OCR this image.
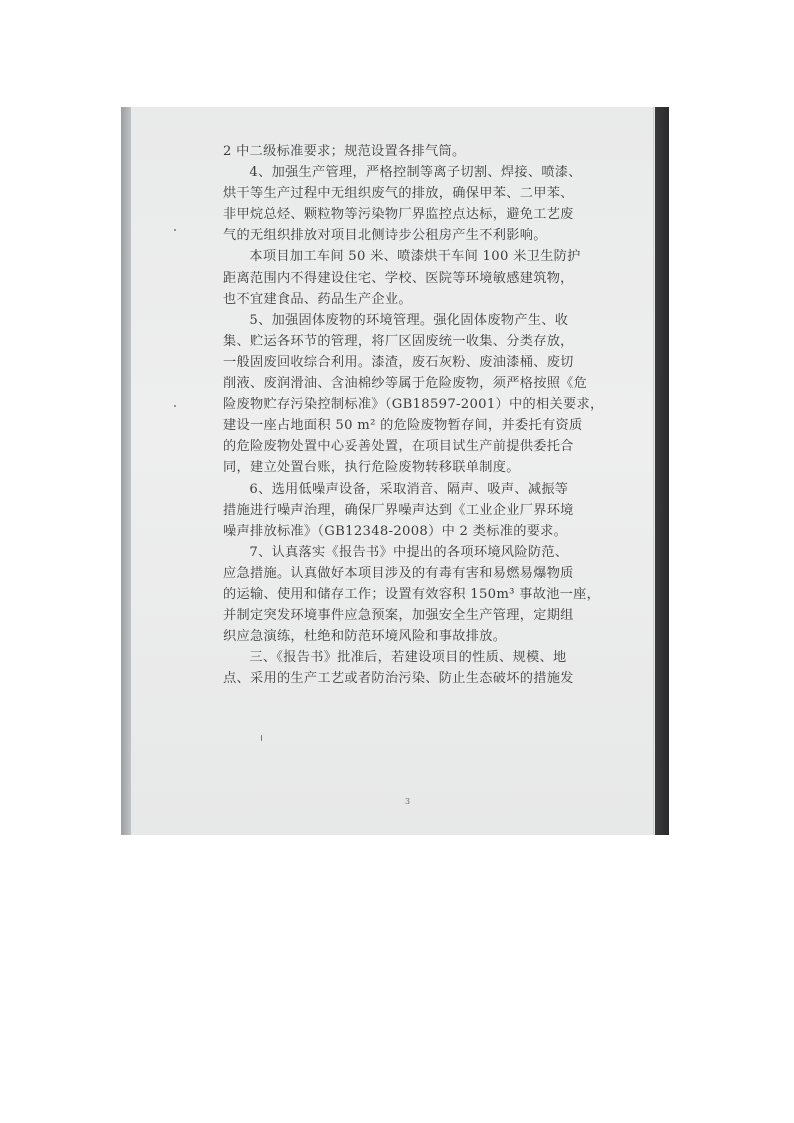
2 中二级标准要求；规范设置各排气筒。
4、加强生产管理，严格控制等离子切割、焊接、喷漆、
烘干等生产过程中无组织废气的排放，确保甲苯、二甲苯、
非甲烷总烃、颗粒物等污染物厂界监控点达标，避免工艺废
气的无组织排放对项目北侧诗步公租房产生不利影响。
本项目加工车间 50 米、喷漆烘干车间 100 米卫生防护
距离范围内不得建设住宅、学校、医院等环境敏感建筑物，
也不宜建食品、药品生产企业。
5、加强固体废物的环境管理。强化固体废物产生、收
集、贮运各环节的管理，将厂区固废统一收集、分类存放，
一般固废回收综合利用。漆渣，废石灰粉、废油漆桶、废切
削液、废润滑油、含油棉纱等属于危险废物，须严格按照《危
险废物贮存污染控制标准》（GB18597-2001）中的相关要求，
建设一座占地面积 50 m² 的危险废物暂存间，并委托有资质
的危险废物处置中心妥善处置，在项目试生产前提供委托合
同，建立处置台账，执行危险废物转移联单制度。
6、选用低噪声设备，采取消音、隔声、吸声、减振等
措施进行噪声治理，确保厂界噪声达到《工业企业厂界环境
噪声排放标准》（GB12348-2008）中 2 类标准的要求。
7、认真落实《报告书》中提出的各项环境风险防范、
应急措施。认真做好本项目涉及的有毒有害和易燃易爆物质
的运输、使用和储存工作；设置有效容积 150m³ 事故池一座，
并制定突发环境事件应急预案，加强安全生产管理，定期组
织应急演练，杜绝和防范环境风险和事故排放。
三、《报告书》批准后，若建设项目的性质、规模、地
点、采用的生产工艺或者防治污染、防止生态破坏的措施发
3
